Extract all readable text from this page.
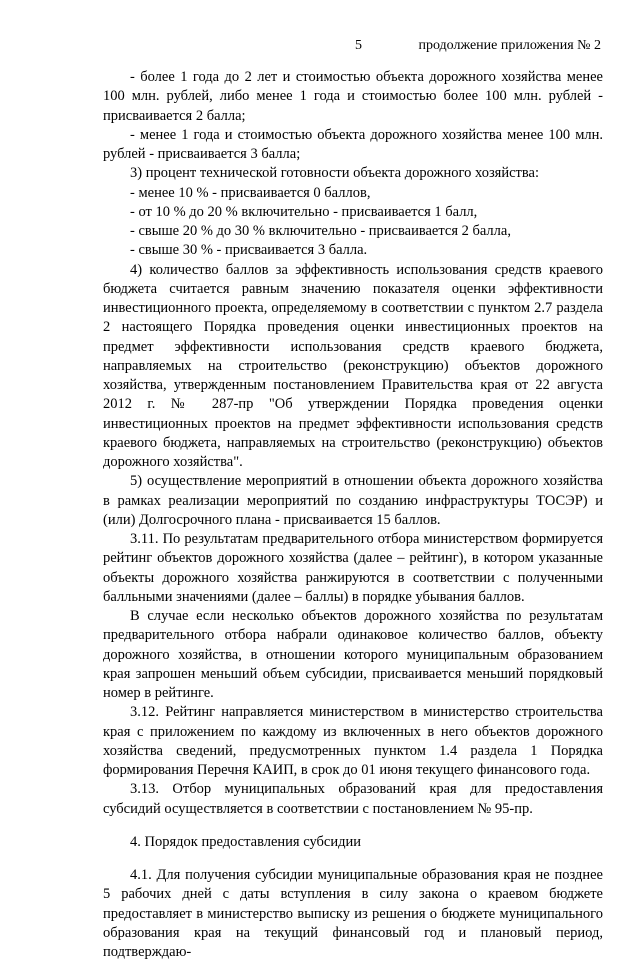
5	продолжение приложения № 2

- более 1 года до 2 лет и стоимостью объекта дорожного хозяйства менее 100 млн. рублей, либо менее 1 года и стоимостью более 100 млн. рублей - присваивается 2 балла;

- менее 1 года и стоимостью объекта дорожного хозяйства менее 100 млн. рублей - присваивается 3 балла;

3) процент технической готовности объекта дорожного хозяйства:

- менее 10 % - присваивается 0 баллов,

- от 10 % до 20 % включительно - присваивается 1 балл,

- свыше 20 % до 30 % включительно - присваивается 2 балла,

- свыше 30 % - присваивается 3 балла.

4) количество баллов за эффективность использования средств краевого бюджета считается равным значению показателя оценки эффективности инвестиционного проекта, определяемому в соответствии с пунктом 2.7 раздела 2 настоящего Порядка проведения оценки инвестиционных проектов на предмет эффективности использования средств краевого бюджета, направляемых на строительство (реконструкцию) объектов дорожного хозяйства, утвержденным постановлением Правительства края от 22 августа 2012 г. № 287-пр "Об утверждении Порядка проведения оценки инвестиционных проектов на предмет эффективности использования средств краевого бюджета, направляемых на строительство (реконструкцию) объектов дорожного хозяйства".

5) осуществление мероприятий в отношении объекта дорожного хозяйства в рамках реализации мероприятий по созданию инфраструктуры ТОСЭР) и (или) Долгосрочного плана - присваивается 15 баллов.

3.11. По результатам предварительного отбора министерством формируется рейтинг объектов дорожного хозяйства (далее – рейтинг), в котором указанные объекты дорожного хозяйства ранжируются в соответствии с полученными балльными значениями (далее – баллы) в порядке убывания баллов.

В случае если несколько объектов дорожного хозяйства по результатам предварительного отбора набрали одинаковое количество баллов, объекту дорожного хозяйства, в отношении которого муниципальным образованием края запрошен меньший объем субсидии, присваивается меньший порядковый номер в рейтинге.

3.12. Рейтинг направляется министерством в министерство строительства края с приложением по каждому из включенных в него объектов дорожного хозяйства сведений, предусмотренных пунктом 1.4 раздела 1 Порядка формирования Перечня КАИП, в срок до 01 июня текущего финансового года.

3.13. Отбор муниципальных образований края для предоставления субсидий осуществляется в соответствии с постановлением № 95-пр.

4. Порядок предоставления субсидии

4.1. Для получения субсидии муниципальные образования края не позднее 5 рабочих дней с даты вступления в силу закона о краевом бюджете предоставляет в министерство выписку из решения о бюджете муниципального образования края на текущий финансовый год и плановый период, подтверждаю-
